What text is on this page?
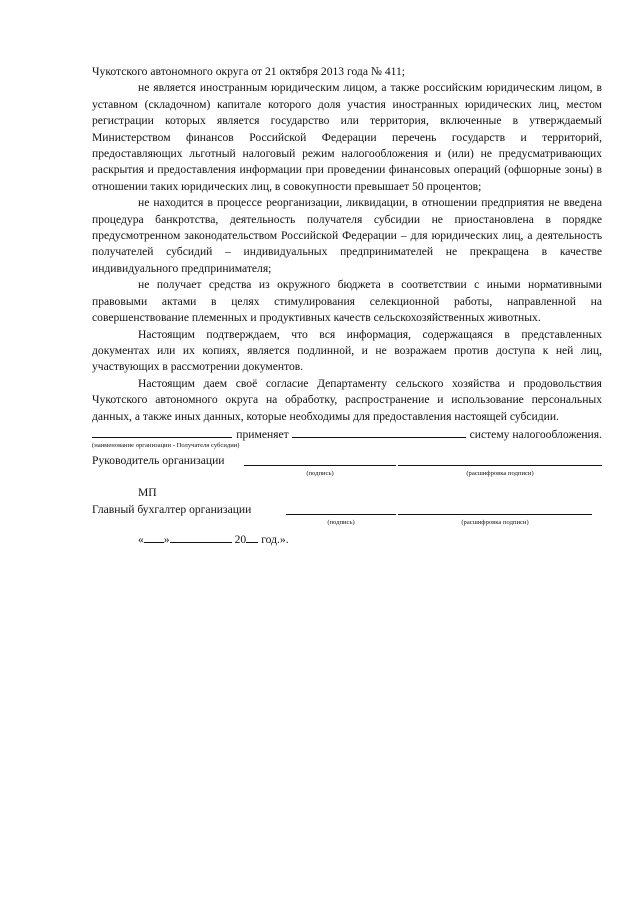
Чукотского автономного округа от 21 октября 2013 года № 411;

не является иностранным юридическим лицом, а также российским юридическим лицом, в уставном (складочном) капитале которого доля участия иностранных юридических лиц, местом регистрации которых является государство или территория, включенные в утверждаемый Министерством финансов Российской Федерации перечень государств и территорий, предоставляющих льготный налоговый режим налогообложения и (или) не предусматривающих раскрытия и предоставления информации при проведении финансовых операций (офшорные зоны) в отношении таких юридических лиц, в совокупности превышает 50 процентов;

не находится в процессе реорганизации, ликвидации, в отношении предприятия не введена процедура банкротства, деятельность получателя субсидии не приостановлена в порядке предусмотренном законодательством Российской Федерации – для юридических лиц, а деятельность получателей субсидий – индивидуальных предпринимателей не прекращена в качестве индивидуального предпринимателя;

не получает средства из окружного бюджета в соответствии с иными нормативными правовыми актами в целях стимулирования селекционной работы, направленной на совершенствование племенных и продуктивных качеств сельскохозяйственных животных.

Настоящим подтверждаем, что вся информация, содержащаяся в представленных документах или их копиях, является подлинной, и не возражаем против доступа к ней лиц, участвующих в рассмотрении документов.

Настоящим даем своё согласие Департаменту сельского хозяйства и продовольствия Чукотского автономного округа на обработку, распространение и использование персональных данных, а также иных данных, которые необходимы для предоставления настоящей субсидии.

применяет	систему налогообложения.
(наименование организации - Получателя субсидии)
Руководитель организации
(подпись)	(расшифровка подписи)
МП
Главный бухгалтер организации
(подпись)	(расшифровка подписи)
« »	20 год.».
